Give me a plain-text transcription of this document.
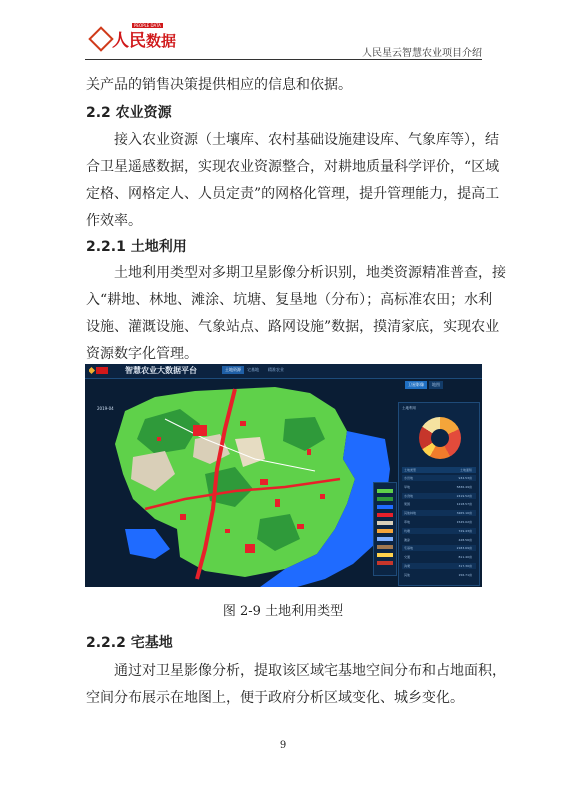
人民数据
PEOPLE DATA
人民星云智慧农业项目介绍
关产品的销售决策提供相应的信息和依据。
2.2 农业资源
接入农业资源（土壤库、农村基础设施建设库、气象库等），结
合卫星遥感数据，实现农业资源整合，对耕地质量科学评价，“区域
定格、网格定人、人员定责”的网格化管理，提升管理能力，提高工
作效率。
2.2.1 土地利用
土地利用类型对多期卫星影像分析识别，地类资源精准普查，接
入“耕地、林地、滩涂、坑塘、复垦地（分布）；高标准农田；水利
设施、灌溉设施、气象站点、路网设施”数据，摸清家底，实现农业
资源数字化管理。
智慧农业大数据平台	土地资源	宅基地 精准农业
2019-04
卫星影像 地图
土地利用
土地类型	土地面积
水田地	934.53亩
旱地	5836.49亩
水浇地	2419.52亩
果园	1218.57亩
其他林地	3265.10亩
草地	1545.02亩
坑塘	729.43亩
滩涂	428.56亩
宅基地	2183.69亩
交通	811.40亩
沟渠	317.30亩
其他	156.71亩
图 2-9 土地利用类型
2.2.2 宅基地
通过对卫星影像分析，提取该区域宅基地空间分布和占地面积，
空间分布展示在地图上，便于政府分析区域变化、城乡变化。
9
